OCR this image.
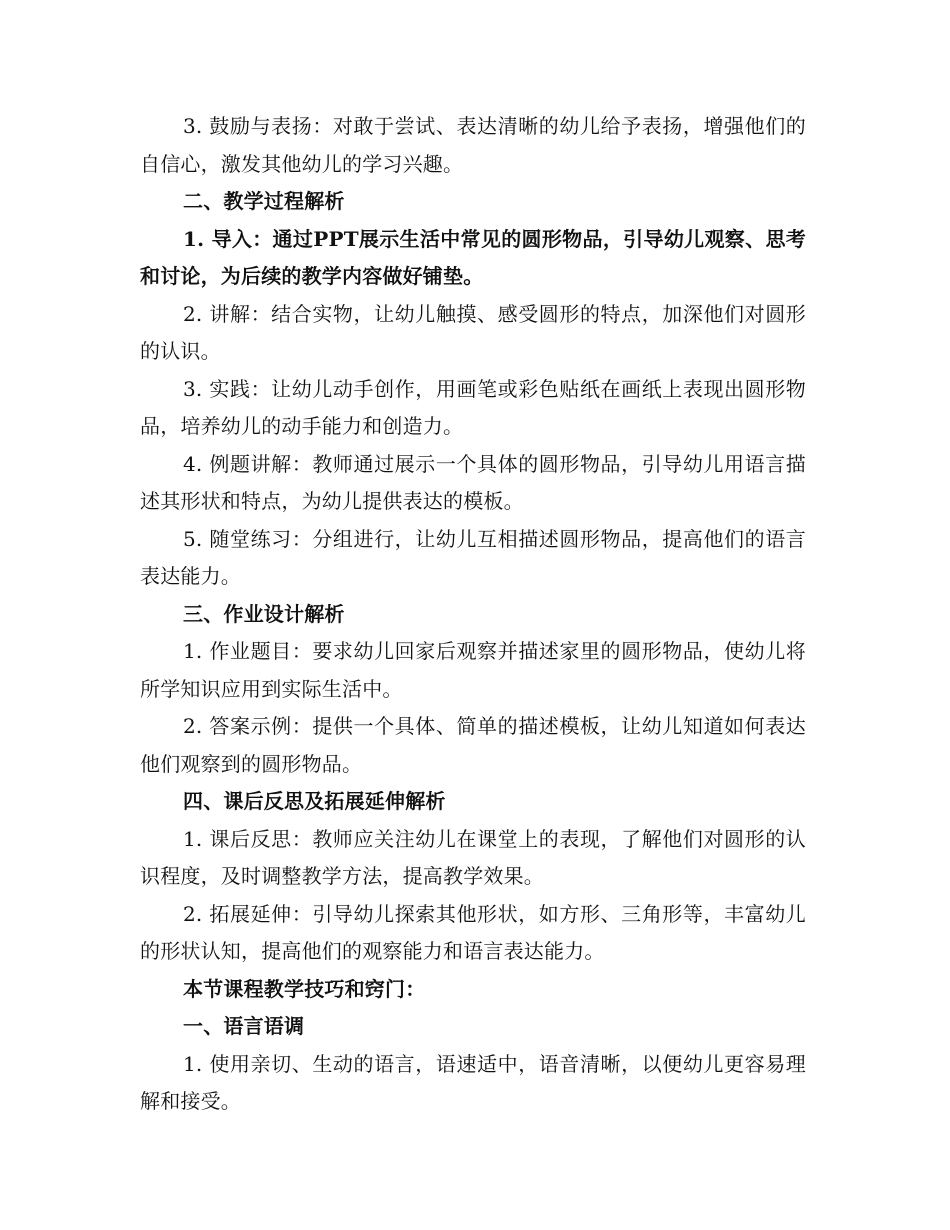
3. 鼓励与表扬：对敢于尝试、表达清晰的幼儿给予表扬，增强他们的自信心，激发其他幼儿的学习兴趣。

二、教学过程解析

1. 导入：通过PPT展示生活中常见的圆形物品，引导幼儿观察、思考和讨论，为后续的教学内容做好铺垫。

2. 讲解：结合实物，让幼儿触摸、感受圆形的特点，加深他们对圆形的认识。

3. 实践：让幼儿动手创作，用画笔或彩色贴纸在画纸上表现出圆形物品，培养幼儿的动手能力和创造力。

4. 例题讲解：教师通过展示一个具体的圆形物品，引导幼儿用语言描述其形状和特点，为幼儿提供表达的模板。

5. 随堂练习：分组进行，让幼儿互相描述圆形物品，提高他们的语言表达能力。

三、作业设计解析

1. 作业题目：要求幼儿回家后观察并描述家里的圆形物品，使幼儿将所学知识应用到实际生活中。

2. 答案示例：提供一个具体、简单的描述模板，让幼儿知道如何表达他们观察到的圆形物品。

四、课后反思及拓展延伸解析

1. 课后反思：教师应关注幼儿在课堂上的表现，了解他们对圆形的认识程度，及时调整教学方法，提高教学效果。

2. 拓展延伸：引导幼儿探索其他形状，如方形、三角形等，丰富幼儿的形状认知，提高他们的观察能力和语言表达能力。

本节课程教学技巧和窍门：

一、语言语调

1. 使用亲切、生动的语言，语速适中，语音清晰，以便幼儿更容易理解和接受。
